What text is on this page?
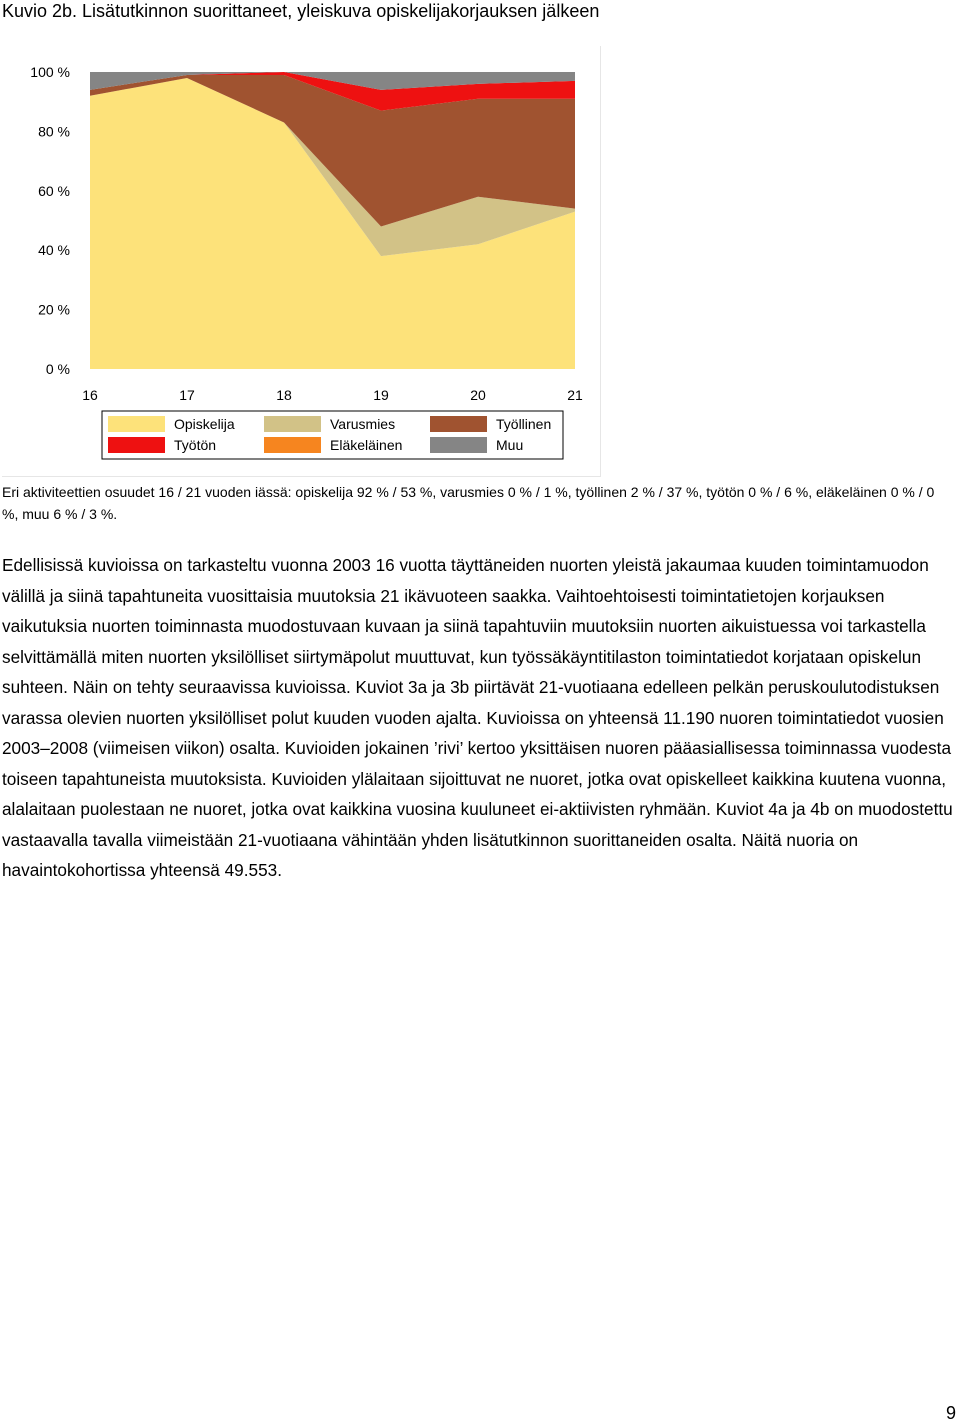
Kuvio 2b. Lisätutkinnon suorittaneet, yleiskuva opiskelijakorjauksen jälkeen
0 %
20 %
40 %
60 %
80 %
100 %
16	17	18	19	20	21
Opiskelija	Varusmies	Työllinen
Työtön	Eläkeläinen	Muu
Eri aktiviteettien osuudet 16 / 21 vuoden iässä: opiskelija 92 % / 53 %, varusmies 0 % / 1 %, työllinen 2 % / 37 %, työtön 0 % / 6 %, eläkeläinen 0 % / 0 %, muu 6 % / 3 %.
Edellisissä kuvioissa on tarkasteltu vuonna 2003 16 vuotta täyttäneiden nuorten yleistä jakaumaa kuuden toimintamuodon välillä ja siinä tapahtuneita vuosittaisia muutoksia 21 ikävuoteen saakka. Vaihtoehtoisesti toimintatietojen korjauksen vaikutuksia nuorten toiminnasta muodostuvaan kuvaan ja siinä tapahtuviin muutoksiin nuorten aikuistuessa voi tarkastella selvittämällä miten nuorten yksilölliset siirtymäpolut muuttuvat, kun työssäkäyntitilaston toimintatiedot korjataan opiskelun suhteen. Näin on tehty seuraavissa kuvioissa. Kuviot 3a ja 3b piirtävät 21-vuotiaana edelleen pelkän peruskoulutodistuksen varassa olevien nuorten yksilölliset polut kuuden vuoden ajalta. Kuvioissa on yhteensä 11.190 nuoren toimintatiedot vuosien 2003–2008 (viimeisen viikon) osalta. Kuvioiden jokainen ’rivi’ kertoo yksittäisen nuoren pääasiallisessa toiminnassa vuodesta toiseen tapahtuneista muutoksista. Kuvioiden ylälaitaan sijoittuvat ne nuoret, jotka ovat opiskelleet kaikkina kuutena vuonna, alalaitaan puolestaan ne nuoret, jotka ovat kaikkina vuosina kuuluneet ei-aktiivisten ryhmään. Kuviot 4a ja 4b on muodostettu vastaavalla tavalla viimeistään 21-vuotiaana vähintään yhden lisätutkinnon suorittaneiden osalta. Näitä nuoria on havaintokohortissa yhteensä 49.553.
9
